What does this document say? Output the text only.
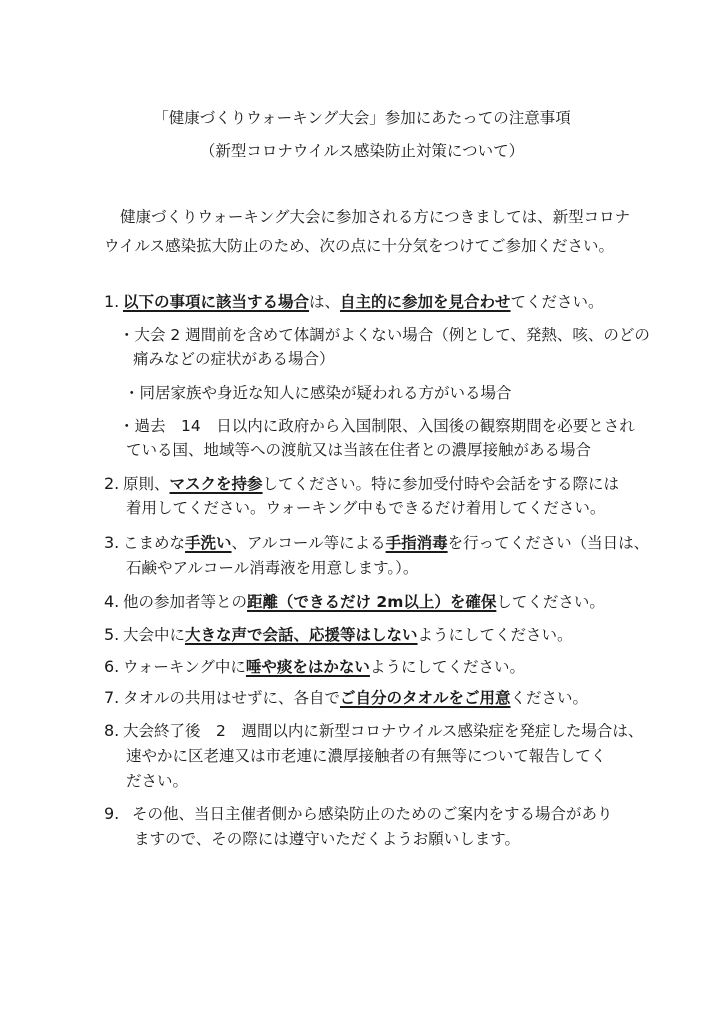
「健康づくりウォーキング大会」参加にあたっての注意事項
（新型コロナウイルス感染防止対策について）
健康づくりウォーキング大会に参加される方につきましては、新型コロナ
ウイルス感染拡大防止のため、次の点に十分気をつけてご参加ください。
1. 以下の事項に該当する場合は、自主的に参加を見合わせてください。
・大会 2 週間前を含めて体調がよくない場合（例として、発熱、咳、のどの
痛みなどの症状がある場合）
・同居家族や身近な知人に感染が疑われる方がいる場合
・過去　14　日以内に政府から入国制限、入国後の観察期間を必要とされ
ている国、地域等への渡航又は当該在住者との濃厚接触がある場合
2. 原則、マスクを持参してください。特に参加受付時や会話をする際には
着用してください。ウォーキング中もできるだけ着用してください。
3. こまめな手洗い、アルコール等による手指消毒を行ってください（当日は、
石鹸やアルコール消毒液を用意します。）。
4. 他の参加者等との距離（できるだけ 2m以上）を確保してください。
5. 大会中に大きな声で会話、応援等はしないようにしてください。
6. ウォーキング中に唾や痰をはかないようにしてください。
7. タオルの共用はせずに、各自でご自分のタオルをご用意ください。
8. 大会終了後　2　週間以内に新型コロナウイルス感染症を発症した場合は、
速やかに区老連又は市老連に濃厚接触者の有無等について報告してく
ださい。
9. その他、当日主催者側から感染防止のためのご案内をする場合があり
ますので、その際には遵守いただくようお願いします。
